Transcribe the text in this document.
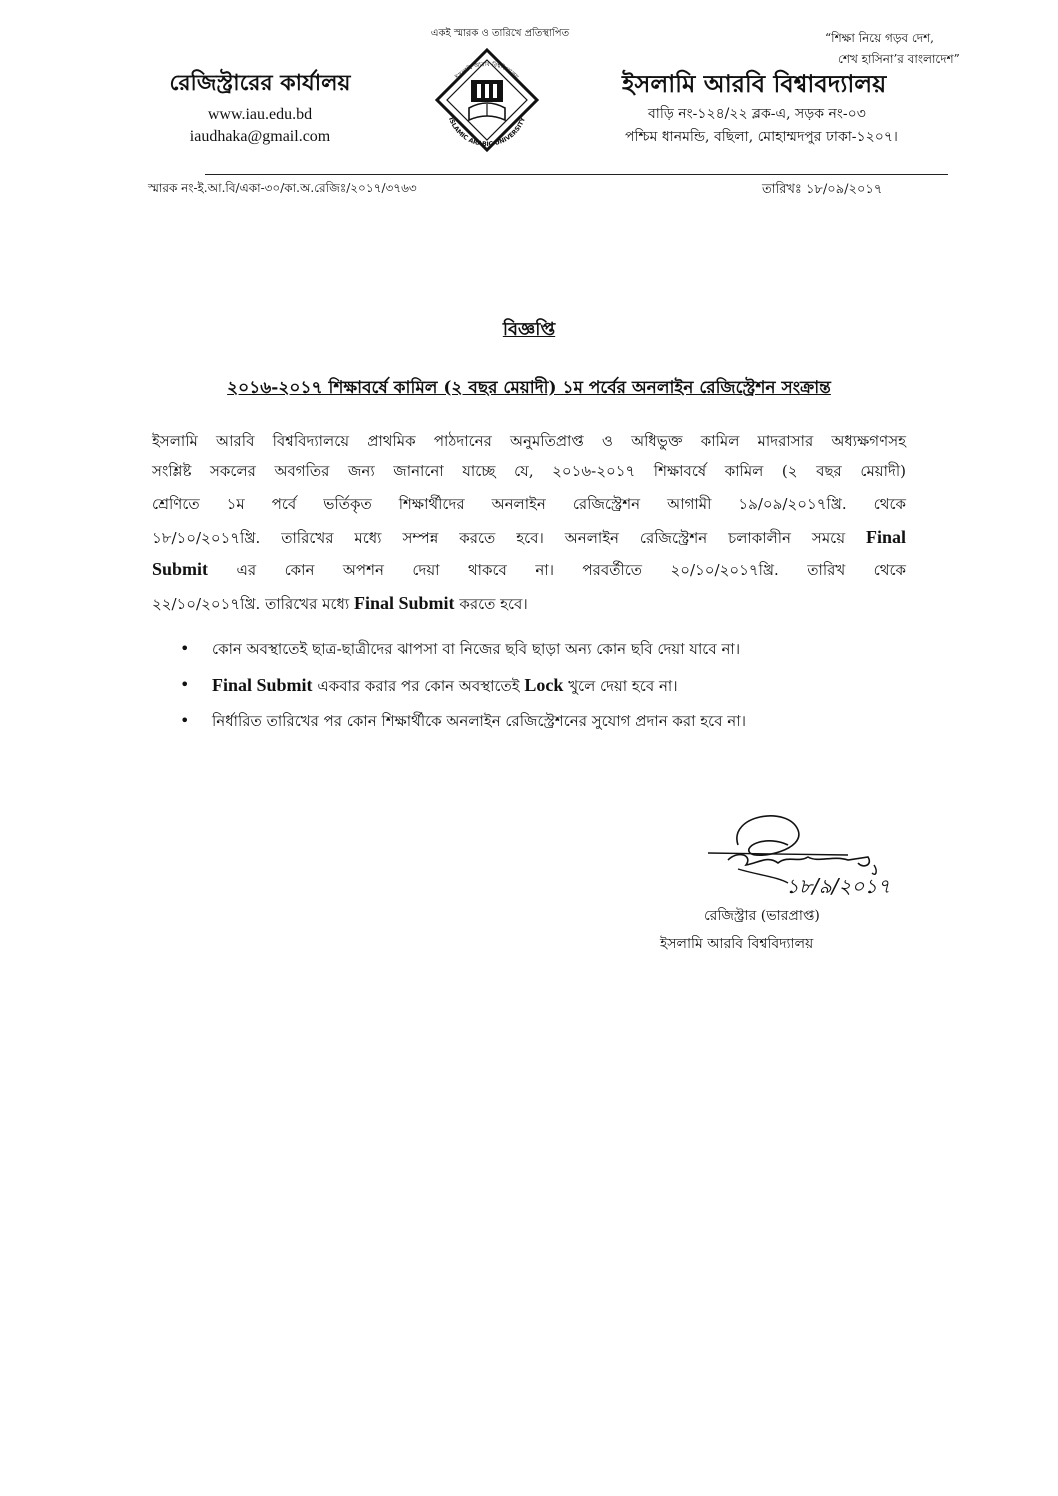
একই স্মারক ও তারিখে প্রতিস্থাপিত	“শিক্ষা নিয়ে গড়ব দেশ,
শেখ হাসিনা’র বাংলাদেশ”
রেজিস্ট্রারের কার্যালয়
www.iau.edu.bd
iaudhaka@gmail.com
ইসলামি আরবি বিশ্ববিদ্যালয়
ISLAMIC ARABIC UNIVERSITY
ইসলামি আরবি বিশ্বাবদ্যালয়
বাড়ি নং-১২৪/২২ ব্লক-এ, সড়ক নং-০৩
পশ্চিম ধানমন্ডি, বছিলা, মোহাম্মদপুর ঢাকা-১২০৭।
স্মারক নং-ই.আ.বি/একা-৩০/কা.অ.রেজিঃ/২০১৭/৩৭৬৩	তারিখঃ ১৮/০৯/২০১৭
বিজ্ঞপ্তি
২০১৬-২০১৭ শিক্ষাবর্ষে কামিল (২ বছর মেয়াদী) ১ম পর্বের অনলাইন রেজিস্ট্রেশন সংক্রান্ত
ইসলামি আরবি বিশ্ববিদ্যালয়ে প্রাথমিক পাঠদানের অনুমতিপ্রাপ্ত ও অধিভুক্ত কামিল মাদরাসার অধ্যক্ষগণসহ
সংশ্লিষ্ট সকলের অবগতির জন্য জানানো যাচ্ছে যে, ২০১৬-২০১৭ শিক্ষাবর্ষে কামিল (২ বছর মেয়াদী)
শ্রেণিতে ১ম পর্বে ভর্তিকৃত শিক্ষার্থীদের অনলাইন রেজিস্ট্রেশন আগামী ১৯/০৯/২০১৭খ্রি. থেকে
১৮/১০/২০১৭খ্রি. তারিখের মধ্যে সম্পন্ন করতে হবে। অনলাইন রেজিস্ট্রেশন চলাকালীন সময়ে Final
Submit এর কোন অপশন দেয়া থাকবে না। পরবর্তীতে ২০/১০/২০১৭খ্রি. তারিখ থেকে
২২/১০/২০১৭খ্রি. তারিখের মধ্যে Final Submit করতে হবে।
• কোন অবস্থাতেই ছাত্র-ছাত্রীদের ঝাপসা বা নিজের ছবি ছাড়া অন্য কোন ছবি দেয়া যাবে না।
• Final Submit একবার করার পর কোন অবস্থাতেই Lock খুলে দেয়া হবে না।
• নির্ধারিত তারিখের পর কোন শিক্ষার্থীকে অনলাইন রেজিস্ট্রেশনের সুযোগ প্রদান করা হবে না।
১৮/৯/২০১৭
রেজিস্ট্রার (ভারপ্রাপ্ত)
ইসলামি আরবি বিশ্ববিদ্যালয়
